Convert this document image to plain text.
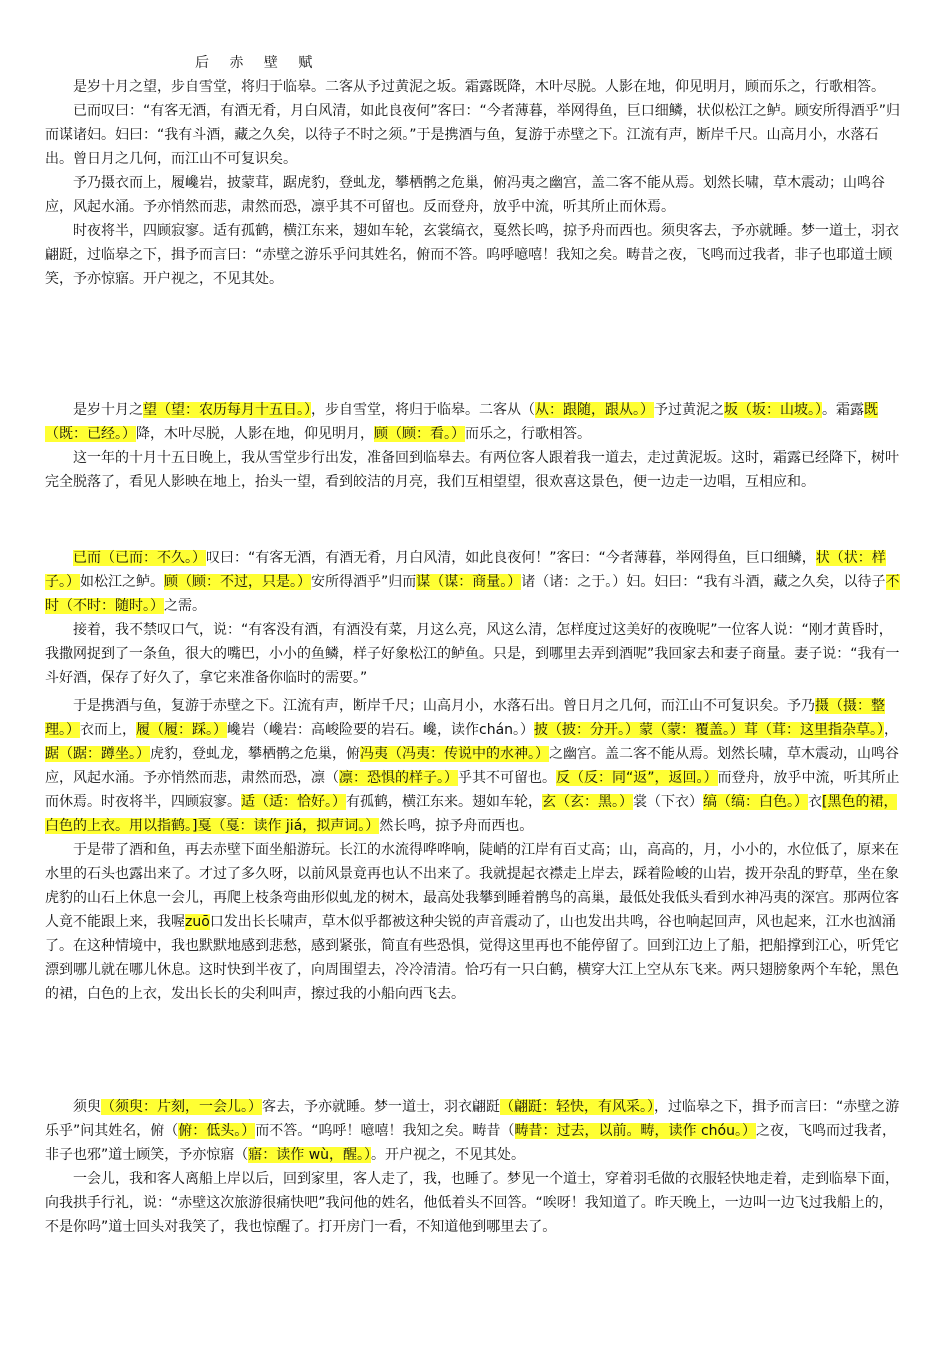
后 赤 壁 赋

是岁十月之望，步自雪堂，将归于临皋。二客从予过黄泥之坂。霜露既降，木叶尽脱。人影在地，仰见明月，顾而乐之，行歌相答。

已而叹曰：“有客无酒，有酒无肴，月白风清，如此良夜何”客曰：“今者薄暮，举网得鱼，巨口细鳞，状似松江之鲈。顾安所得酒乎”归而谋诸妇。妇曰：“我有斗酒，藏之久矣，以待子不时之须。”于是携酒与鱼，复游于赤壁之下。江流有声，断岸千尺。山高月小，水落石出。曾日月之几何，而江山不可复识矣。

予乃摄衣而上，履巉岩，披蒙茸，踞虎豹，登虬龙，攀栖鹘之危巢，俯冯夷之幽宫，盖二客不能从焉。划然长啸，草木震动；山鸣谷应，风起水涌。予亦悄然而悲，肃然而恐，凛乎其不可留也。反而登舟，放乎中流，听其所止而休焉。

时夜将半，四顾寂寥。适有孤鹤，横江东来，翅如车轮，玄裳缟衣，戛然长鸣，掠予舟而西也。须臾客去，予亦就睡。梦一道士，羽衣翩跹，过临皋之下，揖予而言曰：“赤壁之游乐乎问其姓名，俯而不答。呜呼噫嘻！我知之矣。畴昔之夜，飞鸣而过我者，非子也耶道士顾笑，予亦惊寤。开户视之，不见其处。

是岁十月之望（望：农历每月十五日。），步自雪堂，将归于临皋。二客从（从：跟随，跟从。）予过黄泥之坂（坂：山坡。）。霜露既（既：已经。）降，木叶尽脱，人影在地，仰见明月，顾（顾：看。）而乐之，行歌相答。
这一年的十月十五日晚上，我从雪堂步行出发，准备回到临皋去。有两位客人跟着我一道去，走过黄泥坂。这时，霜露已经降下，树叶完全脱落了，看见人影映在地上，抬头一望，看到皎洁的月亮，我们互相望望，很欢喜这景色，便一边走一边唱，互相应和。
已而（已而：不久。）叹曰：“有客无酒，有酒无肴，月白风清，如此良夜何！”客曰：“今者薄暮，举网得鱼，巨口细鳞，状（状：样子。）如松江之鲈。顾（顾：不过，只是。）安所得酒乎”归而谋（谋：商量。）诸（诸：之于。）妇。妇曰：“我有斗酒，藏之久矣，以待子不时（不时：随时。）之需。
接着，我不禁叹口气，说：“有客没有酒，有酒没有菜，月这么亮，风这么清，怎样度过这美好的夜晚呢”一位客人说：“刚才黄昏时，我撒网捉到了一条鱼，很大的嘴巴，小小的鱼鳞，样子好象松江的鲈鱼。只是，到哪里去弄到酒呢”我回家去和妻子商量。妻子说：“我有一斗好酒，保存了好久了，拿它来准备你临时的需要。”
于是携酒与鱼，复游于赤壁之下。江流有声，断岸千尺；山高月小，水落石出。曾日月之几何，而江山不可复识矣。予乃摄（摄：整理。）衣而上，履（履：踩。）巉岩（巉岩：高峻险要的岩石。巉，读作chán。）披（披：分开。）蒙（蒙：覆盖。）茸（茸：这里指杂草。），踞（踞：蹲坐。）虎豹，登虬龙，攀栖鹘之危巢，俯冯夷（冯夷：传说中的水神。）之幽宫。盖二客不能从焉。划然长啸，草木震动，山鸣谷应，风起水涌。予亦悄然而悲，肃然而恐，凛（凛：恐惧的样子。）乎其不可留也。反（反：同“返”，返回。）而登舟，放乎中流，听其所止而休焉。时夜将半，四顾寂寥。适（适：恰好。）有孤鹤，横江东来。翅如车轮，玄（玄：黑。）裳（下衣）缟（缟：白色。）衣[黑色的裙，白色的上衣。用以指鹤。]戛（戛：读作 jiá，拟声词。）然长鸣，掠予舟而西也。
于是带了酒和鱼，再去赤壁下面坐船游玩。长江的水流得哗哗响，陡峭的江岸有百丈高；山，高高的，月，小小的，水位低了，原来在水里的石头也露出来了。才过了多久呀，以前风景竟再也认不出来了。我就提起衣襟走上岸去，踩着险峻的山岩，拨开杂乱的野草，坐在象虎豹的山石上休息一会儿，再爬上枝条弯曲形似虬龙的树木，最高处我攀到睡着鹘鸟的高巢，最低处我低头看到水神冯夷的深宫。那两位客人竟不能跟上来，我喔zuō口发出长长啸声，草木似乎都被这种尖锐的声音震动了，山也发出共鸣，谷也响起回声，风也起来，江水也汹涌了。在这种情境中，我也默默地感到悲愁，感到紧张，简直有些恐惧，觉得这里再也不能停留了。回到江边上了船，把船撑到江心，听凭它漂到哪儿就在哪儿休息。这时快到半夜了，向周围望去，冷冷清清。恰巧有一只白鹤，横穿大江上空从东飞来。两只翅膀象两个车轮，黑色的裙，白色的上衣，发出长长的尖利叫声，擦过我的小船向西飞去。
须臾（须臾：片刻，一会儿。）客去，予亦就睡。梦一道士，羽衣翩跹（翩跹：轻快，有风采。），过临皋之下，揖予而言曰：“赤壁之游乐乎”问其姓名，俯（俯：低头。）而不答。“呜呼！噫嘻！我知之矣。畴昔（畴昔：过去，以前。畴，读作 chóu。）之夜，飞鸣而过我者，非子也邪”道士顾笑，予亦惊寤（寤：读作 wù，醒。）。开户视之，不见其处。
一会儿，我和客人离船上岸以后，回到家里，客人走了，我，也睡了。梦见一个道士，穿着羽毛做的衣服轻快地走着，走到临皋下面，向我拱手行礼，说：“赤壁这次旅游很痛快吧”我问他的姓名，他低着头不回答。“唉呀！我知道了。昨天晚上，一边叫一边飞过我船上的，不是你吗”道士回头对我笑了，我也惊醒了。打开房门一看，不知道他到哪里去了。
